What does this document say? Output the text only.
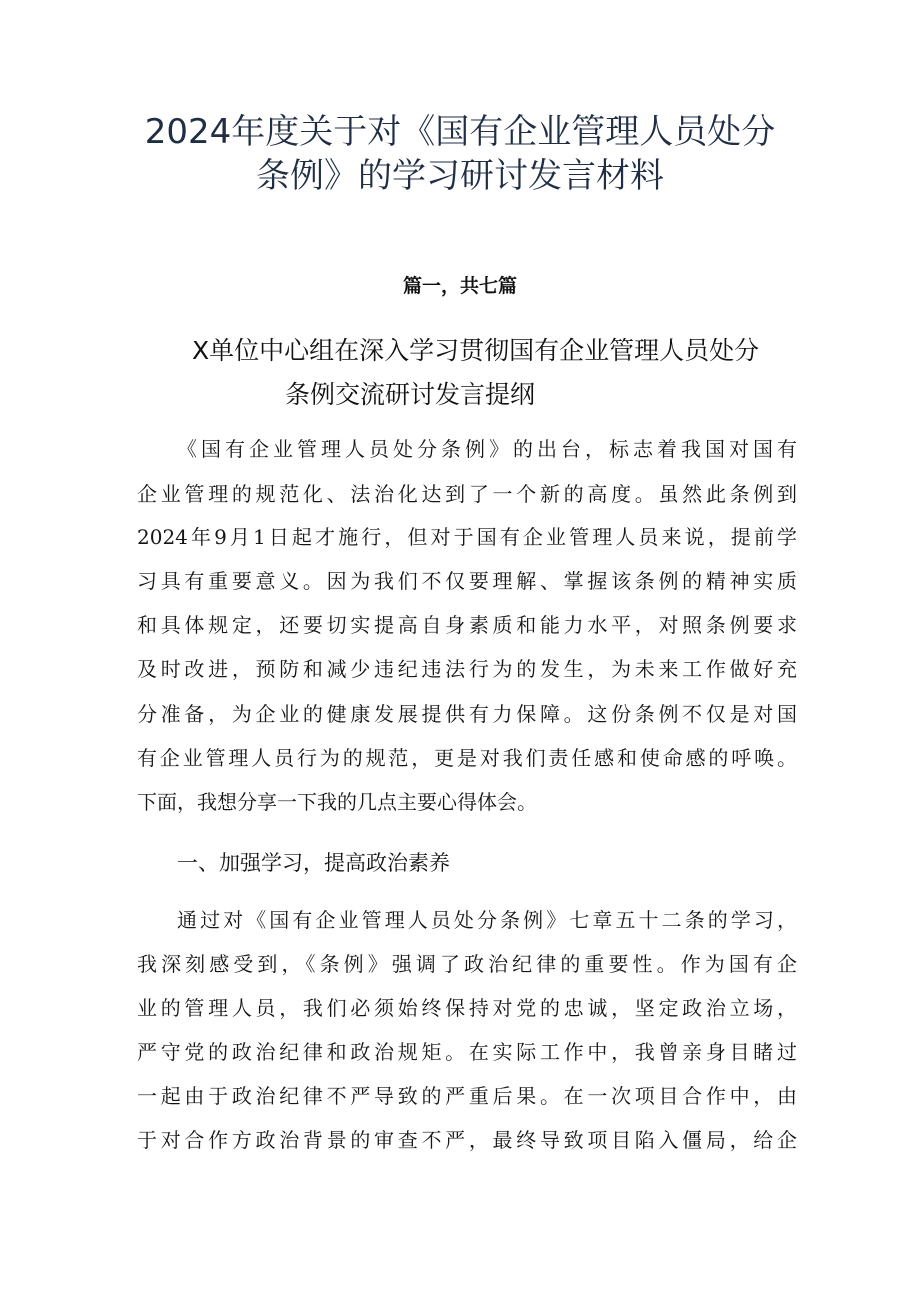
2024年度关于对《国有企业管理人员处分
条例》的学习研讨发言材料
篇一，共七篇
X单位中心组在深入学习贯彻国有企业管理人员处分
条例交流研讨发言提纲
《国有企业管理人员处分条例》的出台，标志着我国对国有
企业管理的规范化、法治化达到了一个新的高度。虽然此条例到
2024年9月1日起才施行，但对于国有企业管理人员来说，提前学
习具有重要意义。因为我们不仅要理解、掌握该条例的精神实质
和具体规定，还要切实提高自身素质和能力水平，对照条例要求
及时改进，预防和减少违纪违法行为的发生，为未来工作做好充
分准备，为企业的健康发展提供有力保障。这份条例不仅是对国
有企业管理人员行为的规范，更是对我们责任感和使命感的呼唤。
下面，我想分享一下我的几点主要心得体会。
一、加强学习，提高政治素养
通过对《国有企业管理人员处分条例》七章五十二条的学习，
我深刻感受到，《条例》强调了政治纪律的重要性。作为国有企
业的管理人员，我们必须始终保持对党的忠诚，坚定政治立场，
严守党的政治纪律和政治规矩。在实际工作中，我曾亲身目睹过
一起由于政治纪律不严导致的严重后果。在一次项目合作中，由
于对合作方政治背景的审查不严，最终导致项目陷入僵局，给企
